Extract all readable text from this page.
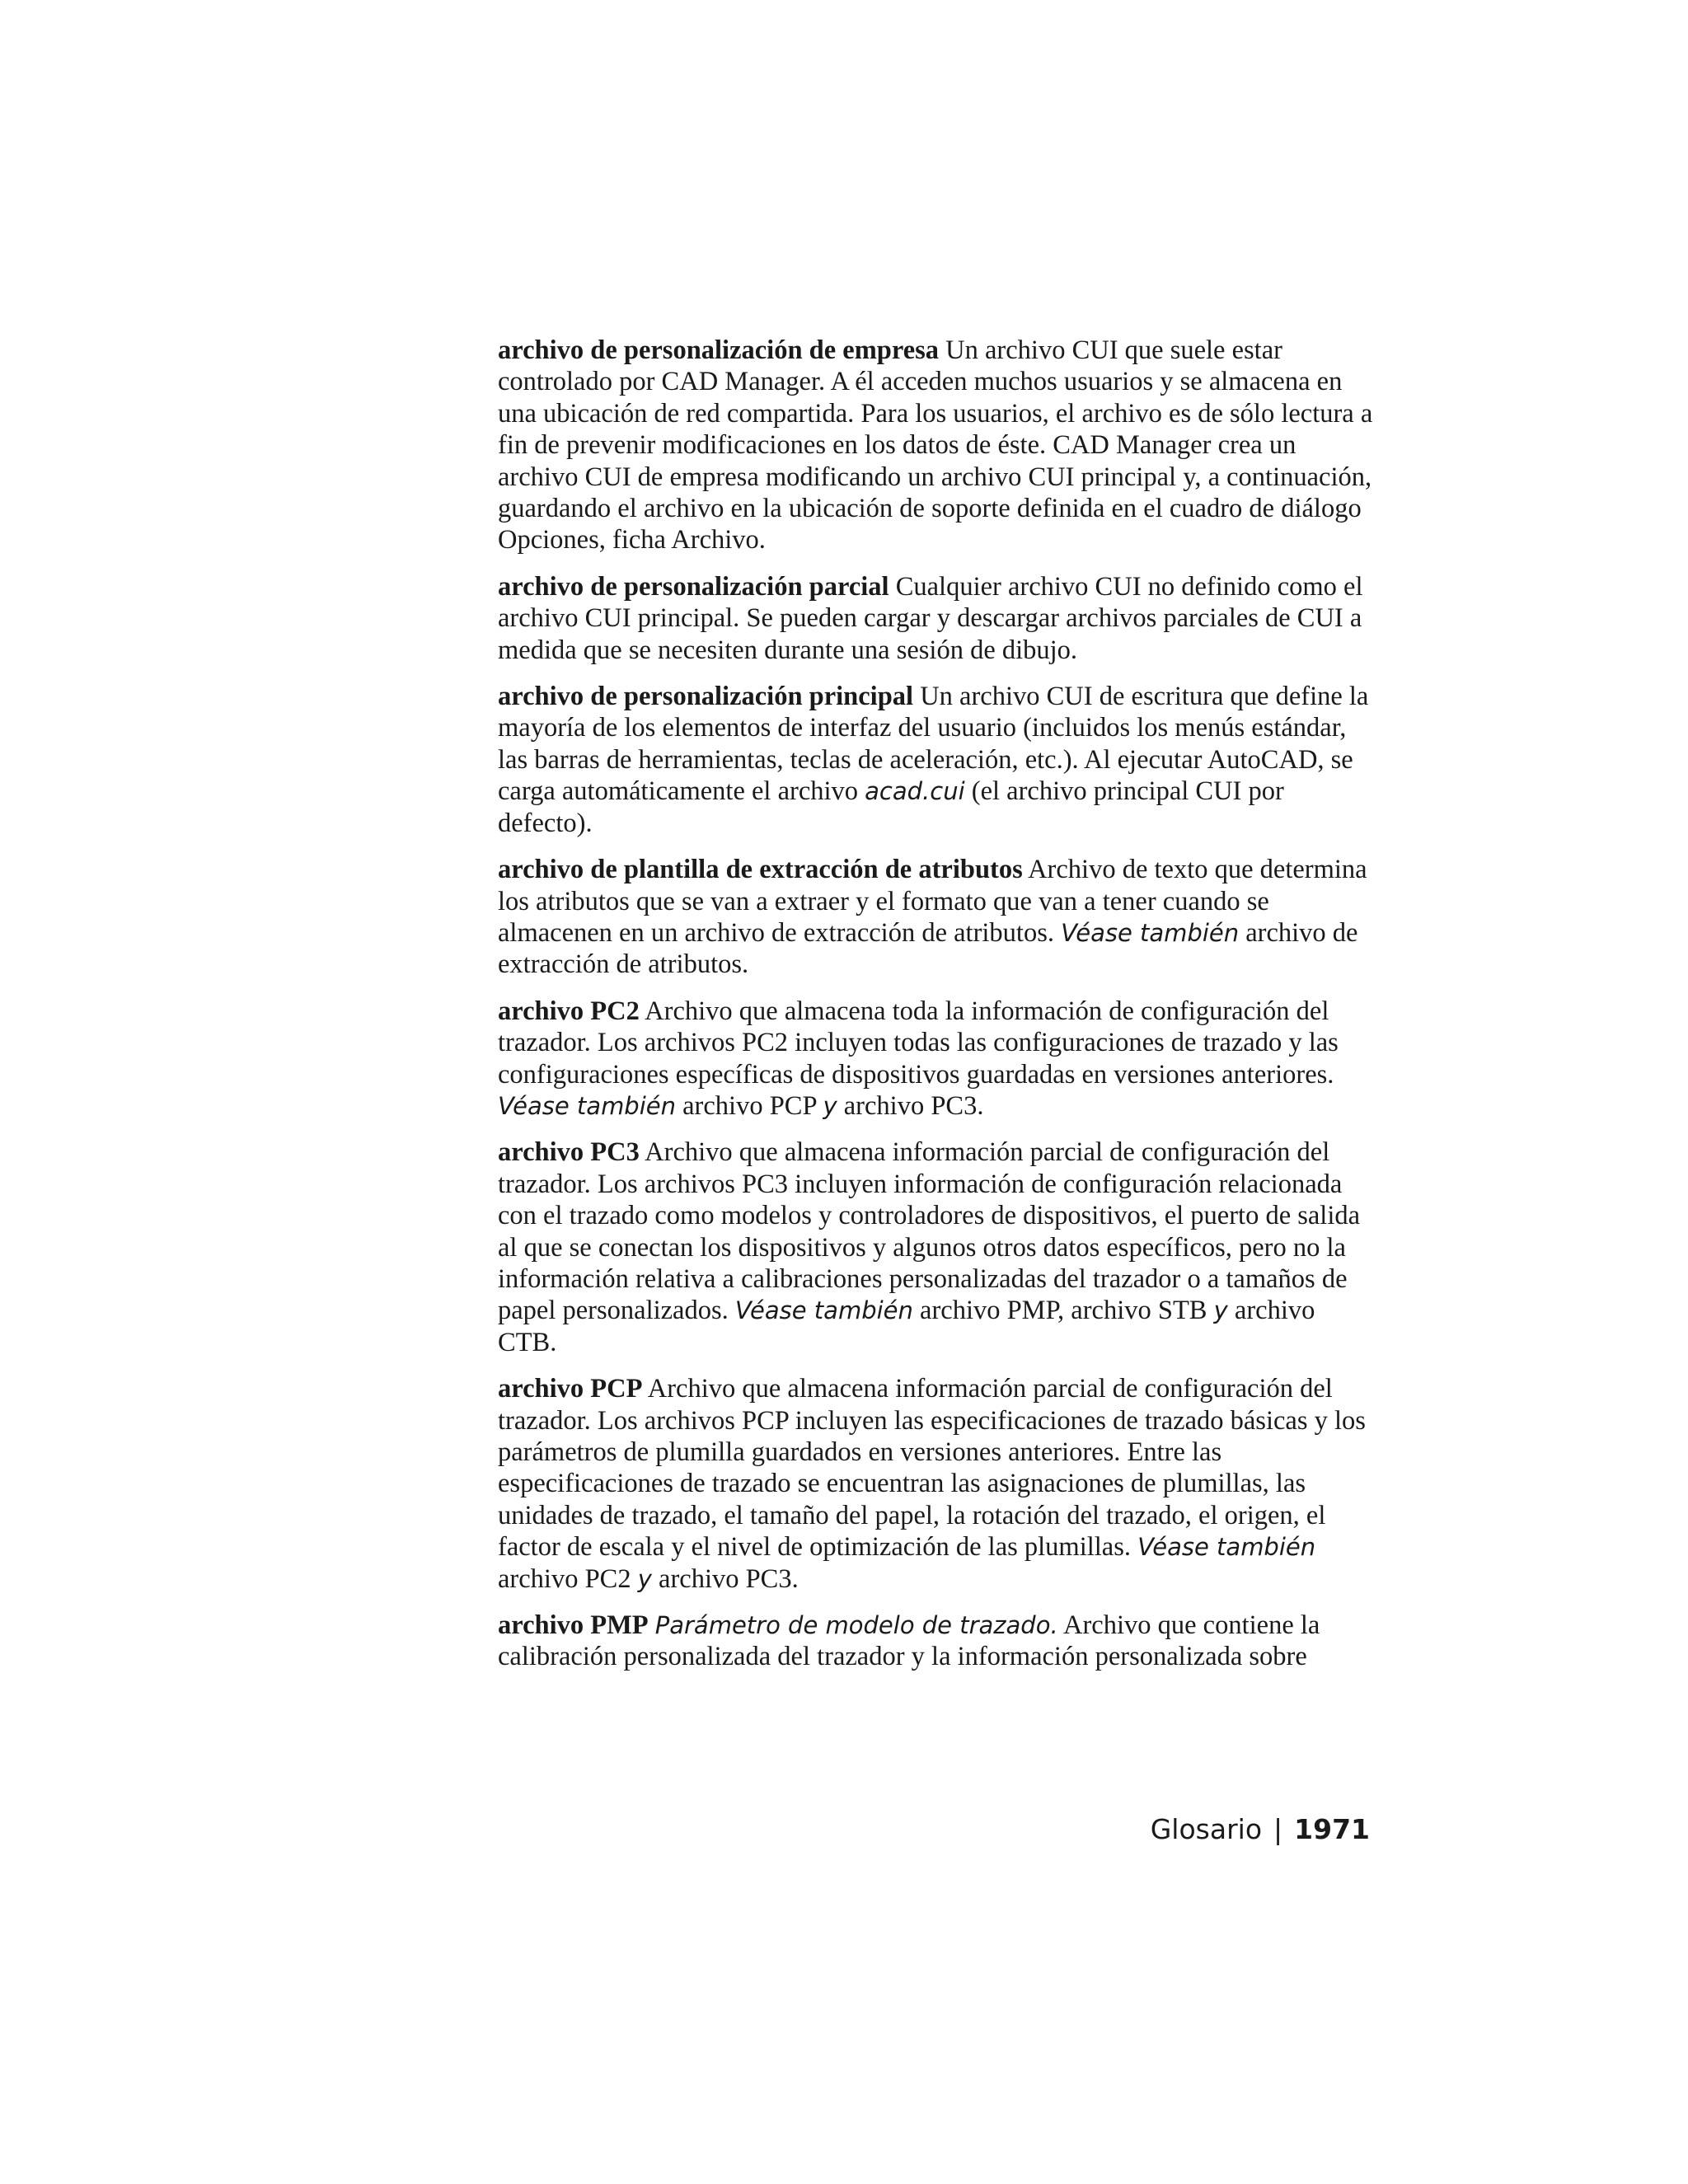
archivo de personalización de empresa Un archivo CUI que suele estar controlado por CAD Manager. A él acceden muchos usuarios y se almacena en una ubicación de red compartida. Para los usuarios, el archivo es de sólo lectura a fin de prevenir modificaciones en los datos de éste. CAD Manager crea un archivo CUI de empresa modificando un archivo CUI principal y, a continuación, guardando el archivo en la ubicación de soporte definida en el cuadro de diálogo Opciones, ficha Archivo.

archivo de personalización parcial Cualquier archivo CUI no definido como el archivo CUI principal. Se pueden cargar y descargar archivos parciales de CUI a medida que se necesiten durante una sesión de dibujo.

archivo de personalización principal Un archivo CUI de escritura que define la mayoría de los elementos de interfaz del usuario (incluidos los menús estándar, las barras de herramientas, teclas de aceleración, etc.). Al ejecutar AutoCAD, se carga automáticamente el archivo acad.cui (el archivo principal CUI por defecto).

archivo de plantilla de extracción de atributos Archivo de texto que determina los atributos que se van a extraer y el formato que van a tener cuando se almacenen en un archivo de extracción de atributos. Véase también archivo de extracción de atributos.

archivo PC2 Archivo que almacena toda la información de configuración del trazador. Los archivos PC2 incluyen todas las configuraciones de trazado y las configuraciones específicas de dispositivos guardadas en versiones anteriores. Véase también archivo PCP y archivo PC3.

archivo PC3 Archivo que almacena información parcial de configuración del trazador. Los archivos PC3 incluyen información de configuración relacionada con el trazado como modelos y controladores de dispositivos, el puerto de salida al que se conectan los dispositivos y algunos otros datos específicos, pero no la información relativa a calibraciones personalizadas del trazador o a tamaños de papel personalizados. Véase también archivo PMP, archivo STB y archivo CTB.

archivo PCP Archivo que almacena información parcial de configuración del trazador. Los archivos PCP incluyen las especificaciones de trazado básicas y los parámetros de plumilla guardados en versiones anteriores. Entre las especificaciones de trazado se encuentran las asignaciones de plumillas, las unidades de trazado, el tamaño del papel, la rotación del trazado, el origen, el factor de escala y el nivel de optimización de las plumillas. Véase también archivo PC2 y archivo PC3.

archivo PMP Parámetro de modelo de trazado. Archivo que contiene la calibración personalizada del trazador y la información personalizada sobre

Glosario | 1971
